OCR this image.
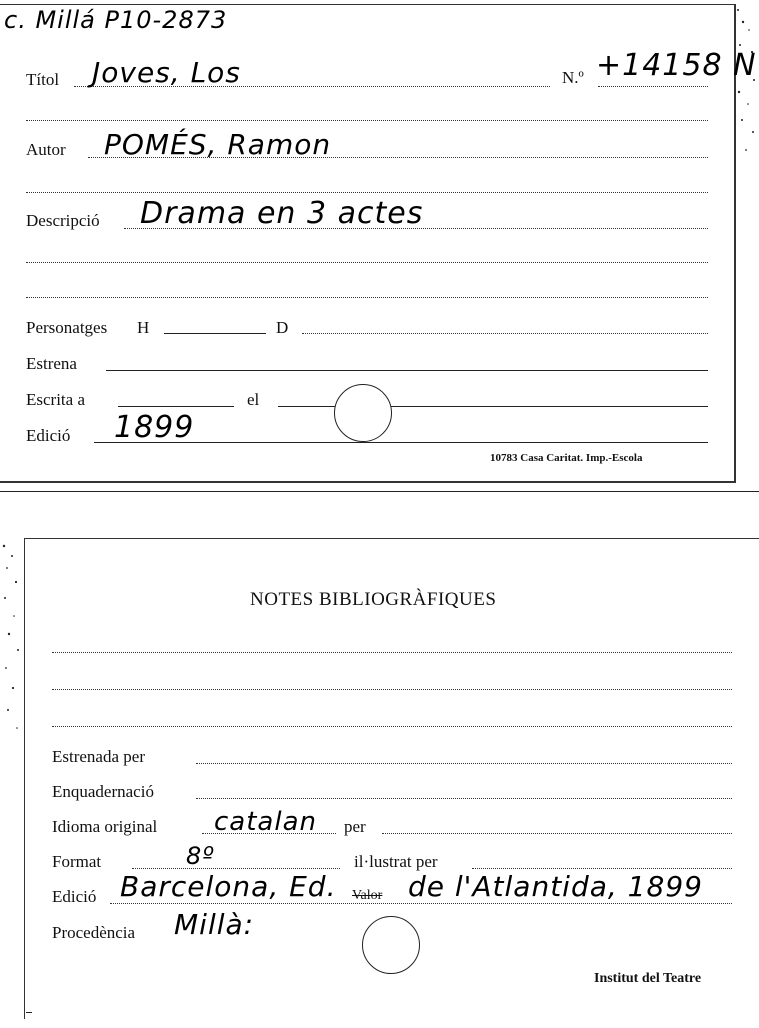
c. Millá P10-2873
Títol Joves, Los	N.º +14158 N
Autor POMÉS, Ramon
Descripció Drama en 3 actes
Personatges H	D
Estrena
Escrita a	el
Edició 1899
10783 Casa Caritat. Imp.-Escola
NOTES BIBLIOGRÀFIQUES
Estrenada per
Enquadernació
Idioma original catalan per
Format	8º	il·lustrat per
Edició Barcelona, Ed. Valor de l'Atlantida, 1899
Procedència Millà:
Institut del Teatre
